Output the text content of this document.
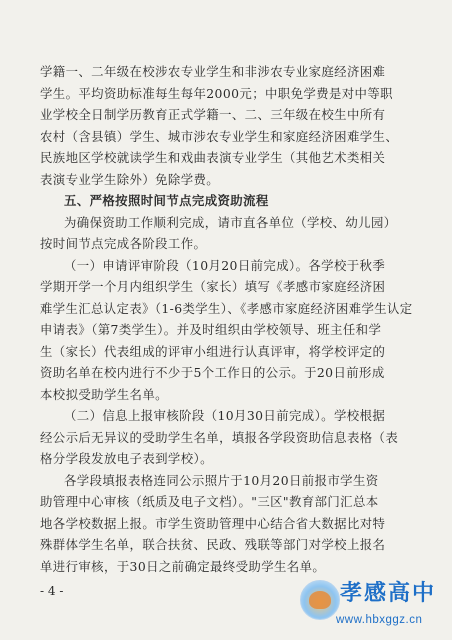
学籍一、二年级在校涉农专业学生和非涉农专业家庭经济困难
学生。平均资助标准每生每年2000元；中职免学费是对中等职
业学校全日制学历教育正式学籍一、二、三年级在校生中所有
农村（含县镇）学生、城市涉农专业学生和家庭经济困难学生、
民族地区学校就读学生和戏曲表演专业学生（其他艺术类相关
表演专业学生除外）免除学费。
五、严格按照时间节点完成资助流程
为确保资助工作顺利完成，请市直各单位（学校、幼儿园）
按时间节点完成各阶段工作。
（一）申请评审阶段（10月20日前完成）。各学校于秋季
学期开学一个月内组织学生（家长）填写《孝感市家庭经济困
难学生汇总认定表》（1-6类学生）、《孝感市家庭经济困难学生认定
申请表》（第7类学生）。并及时组织由学校领导、班主任和学
生（家长）代表组成的评审小组进行认真评审，将学校评定的
资助名单在校内进行不少于5个工作日的公示。于20日前形成
本校拟受助学生名单。
（二）信息上报审核阶段（10月30日前完成）。学校根据
经公示后无异议的受助学生名单，填报各学段资助信息表格（表
格分学段发放电子表到学校）。
各学段填报表格连同公示照片于10月20日前报市学生资
助管理中心审核（纸质及电子文档）。"三区"教育部门汇总本
地各学校数据上报。市学生资助管理中心结合省大数据比对特
殊群体学生名单，联合扶贫、民政、残联等部门对学校上报名
单进行审核，于30日之前确定最终受助学生名单。
- 4 -	孝感高中
www.hbxggz.cn
